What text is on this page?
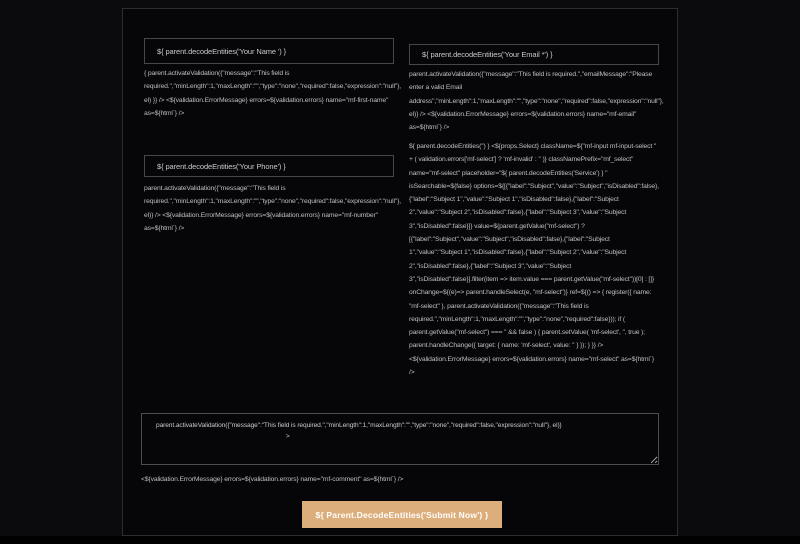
${ parent.decodeEntities('Your Name ') }
{ parent.activateValidation({"message":"This field is required.","minLength":1,"maxLength":"","type":"none","required":false,"expression":"null"}, el) }} /> <${validation.ErrorMessage} errors=${validation.errors} name="mf-first-name" as=${html`} />
${ parent.decodeEntities('Your Email *') }
parent.activateValidation({"message":"This field is required.","emailMessage":"Please enter a valid Email address","minLength":1,"maxLength":"","type":"none","required":false,"expression":"null"}, el)} /> <${validation.ErrorMessage} errors=${validation.errors} name="mf-email" as=${html`} />
${ parent.decodeEntities('Your Phone') }
parent.activateValidation({"message":"This field is required.","minLength":1,"maxLength":"","type":"none","required":false,"expression":"null"}, el)} /> <${validation.ErrorMessage} errors=${validation.errors} name="mf-number" as=${html`} />
${ parent.decodeEntities('') } <${props.Select} className=${"mf-input mf-input-select " + ( validation.errors['mf-select'] ? 'mf-invalid' : '' )} classNamePrefix="mf_select" name="mf-select" placeholder="${ parent.decodeEntities('Service') } " isSearchable=${false} options=${[{"label":"Subject","value":"Subject","isDisabled":false}, {"label":"Subject 1","value":"Subject 1","isDisabled":false},{"label":"Subject 2","value":"Subject 2","isDisabled":false},{"label":"Subject 3","value":"Subject 3","isDisabled":false}]} value=${parent.getValue("mf-select") ? [{"label":"Subject","value":"Subject","isDisabled":false},{"label":"Subject 1","value":"Subject 1","isDisabled":false},{"label":"Subject 2","value":"Subject 2","isDisabled":false},{"label":"Subject 3","value":"Subject 3","isDisabled":false}].filter(item => item.value === parent.getValue("mf-select"))[0] : []} onChange=${(e)=> parent.handleSelect(e, "mf-select")} ref=${() => { register({ name: "mf-select" }, parent.activateValidation({"message":"This field is required.","minLength":1,"maxLength":"","type":"none","required":false})); if ( parent.getValue("mf-select") === '' && false ) { parent.setValue( 'mf-select', '', true ); parent.handleChange({ target: { name: 'mf-select', value: '' } }); } }} /> <${validation.ErrorMessage} errors=${validation.errors} name="mf-select" as=${html`} />
parent.activateValidation({"message":"This field is required.","minLength":1,"maxLength":"","type":"none","required":false,"expression":"null"}, el)} >
<${validation.ErrorMessage} errors=${validation.errors} name="mf-comment" as=${html`} />
${ Parent.DecodeEntities('Submit Now') }
